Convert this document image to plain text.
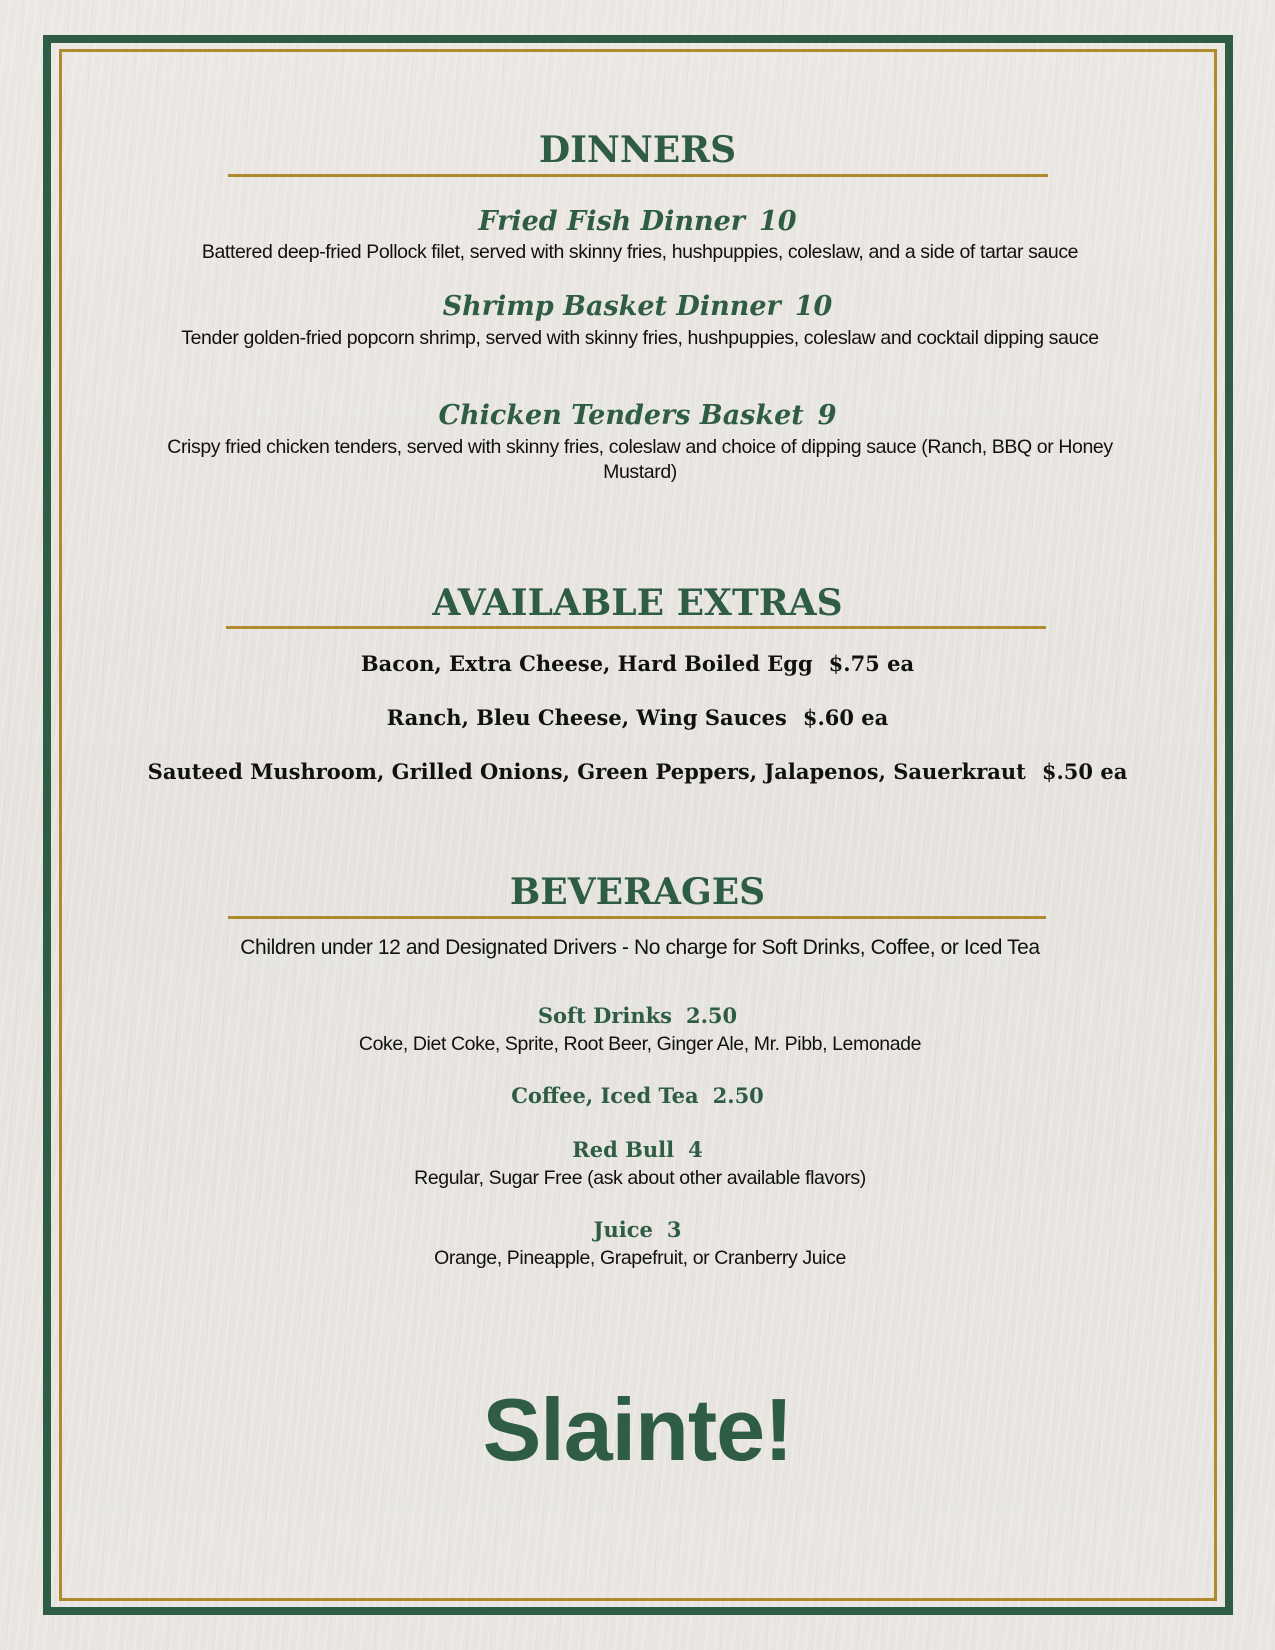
DINNERS
Fried Fish Dinner 10
Battered deep-fried Pollock filet, served with skinny fries, hushpuppies, coleslaw, and a side of tartar sauce
Shrimp Basket Dinner 10
Tender golden-fried popcorn shrimp, served with skinny fries, hushpuppies, coleslaw and cocktail dipping sauce
Chicken Tenders Basket 9
Crispy fried chicken tenders, served with skinny fries, coleslaw and choice of dipping sauce (Ranch, BBQ or Honey Mustard)
AVAILABLE EXTRAS
Bacon, Extra Cheese, Hard Boiled Egg $.75 ea
Ranch, Bleu Cheese, Wing Sauces $.60 ea
Sauteed Mushroom, Grilled Onions, Green Peppers, Jalapenos, Sauerkraut $.50 ea
BEVERAGES
Children under 12 and Designated Drivers - No charge for Soft Drinks, Coffee, or Iced Tea
Soft Drinks 2.50
Coke, Diet Coke, Sprite, Root Beer, Ginger Ale, Mr. Pibb, Lemonade
Coffee, Iced Tea 2.50
Red Bull 4
Regular, Sugar Free (ask about other available flavors)
Juice 3
Orange, Pineapple, Grapefruit, or Cranberry Juice
Slainte!
